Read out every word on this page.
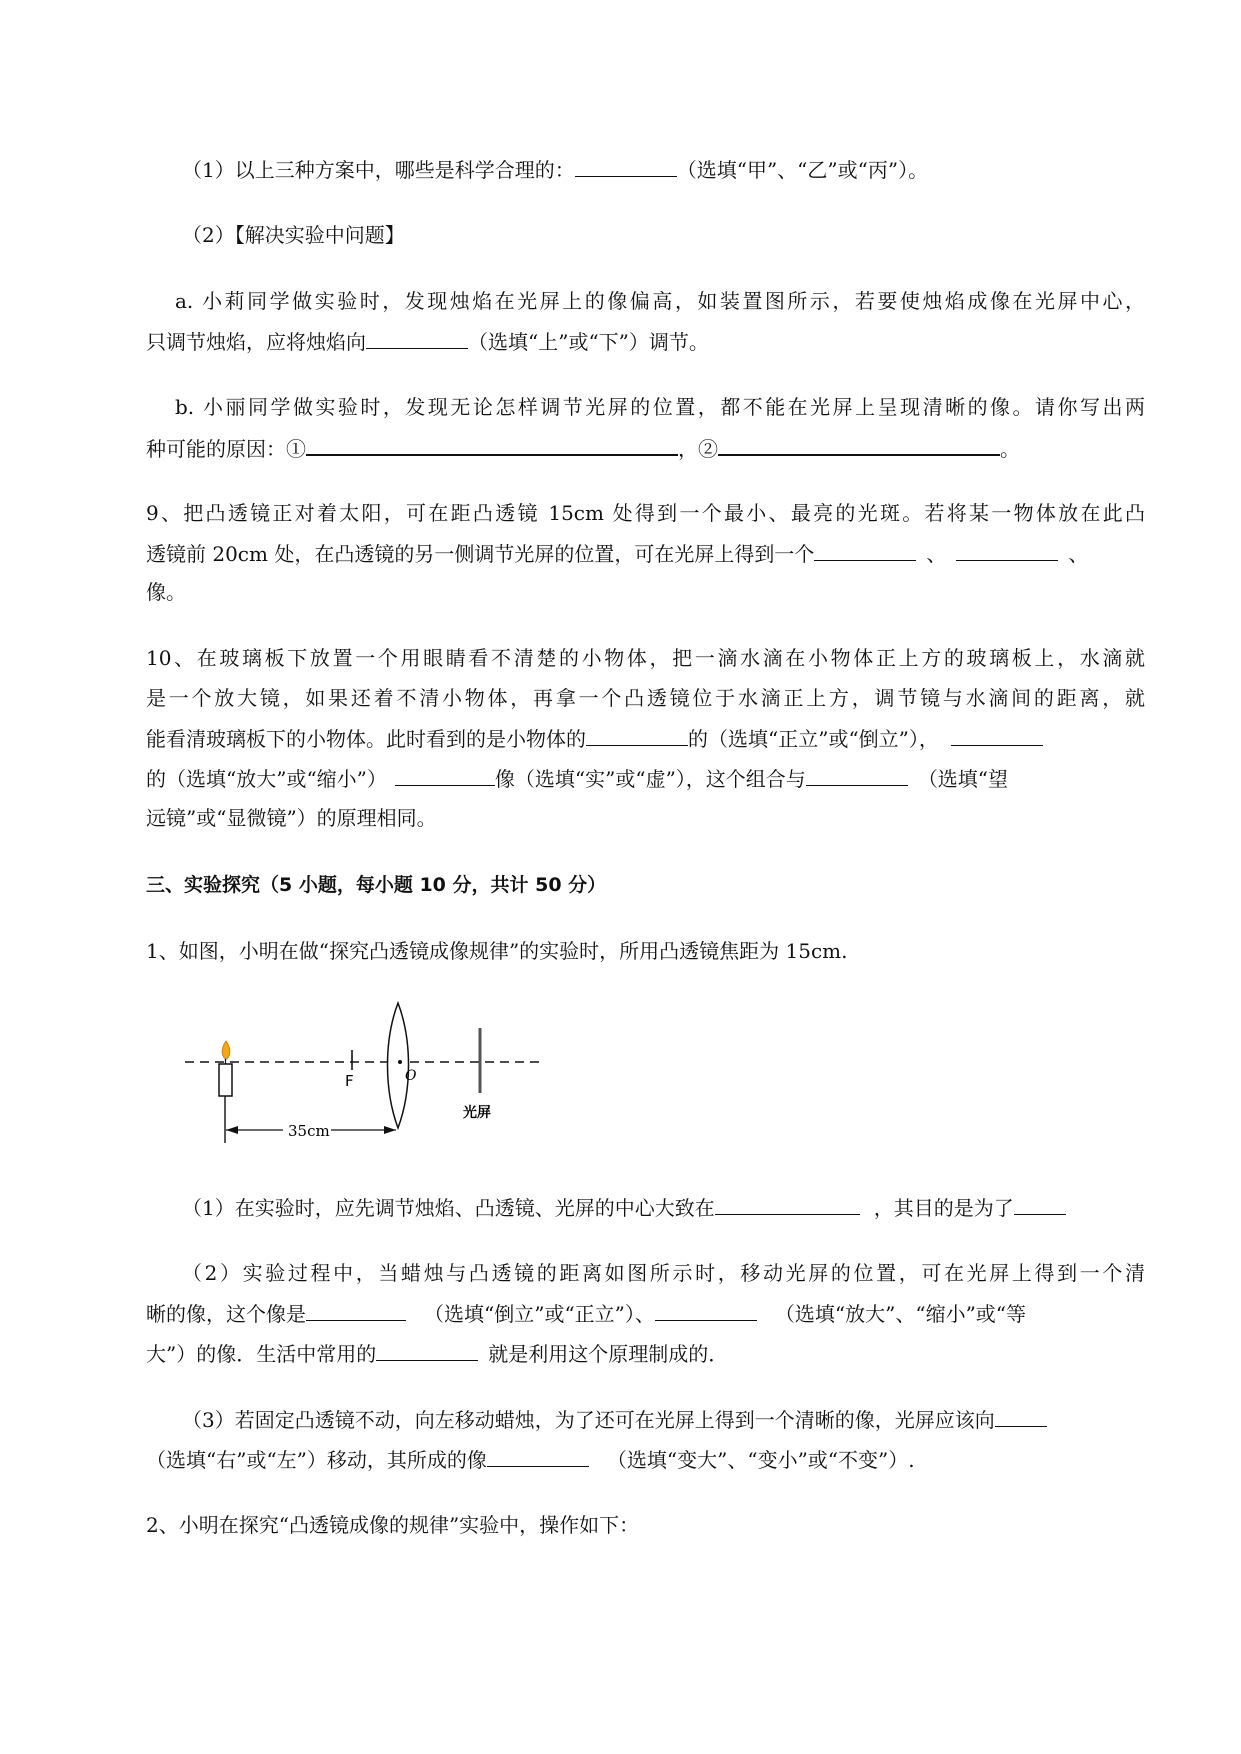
（1）以上三种方案中，哪些是科学合理的：	（选填“甲”、“乙”或“丙”）。
（2）【解决实验中问题】
a. 小莉同学做实验时，发现烛焰在光屏上的像偏高，如装置图所示，若要使烛焰成像在光屏中心，
只调节烛焰，应将烛焰向	（选填“上”或“下”）调节。
b. 小丽同学做实验时，发现无论怎样调节光屏的位置，都不能在光屏上呈现清晰的像。请你写出两
种可能的原因：①	，②	。
9、把凸透镜正对着太阳，可在距凸透镜 15cm 处得到一个最小、最亮的光斑。若将某一物体放在此凸
透镜前 20cm 处，在凸透镜的另一侧调节光屏的位置，可在光屏上得到一个	、	、
像。
10、在玻璃板下放置一个用眼睛看不清楚的小物体，把一滴水滴在小物体正上方的玻璃板上，水滴就
是一个放大镜，如果还着不清小物体，再拿一个凸透镜位于水滴正上方，调节镜与水滴间的距离，就
能看清玻璃板下的小物体。此时看到的是小物体的	的（选填“正立”或“倒立”），
的（选填“放大”或“缩小”）	像（选填“实”或“虚”），这个组合与	（选填“望
远镜”或“显微镜”）的原理相同。
三、实验探究（5 小题，每小题 10 分，共计 50 分）
1、如图，小明在做“探究凸透镜成像规律”的实验时，所用凸透镜焦距为 15cm.
F	O
光屏
35cm
（1）在实验时，应先调节烛焰、凸透镜、光屏的中心大致在	，其目的是为了
（2）实验过程中，当蜡烛与凸透镜的距离如图所示时，移动光屏的位置，可在光屏上得到一个清
晰的像，这个像是	（选填“倒立”或“正立”）、	（选填“放大”、“缩小”或“等
大”）的像．生活中常用的	就是利用这个原理制成的．
（3）若固定凸透镜不动，向左移动蜡烛，为了还可在光屏上得到一个清晰的像，光屏应该向
（选填“右”或“左”）移动，其所成的像	（选填“变大”、“变小”或“不变”）.
2、小明在探究“凸透镜成像的规律”实验中，操作如下：
